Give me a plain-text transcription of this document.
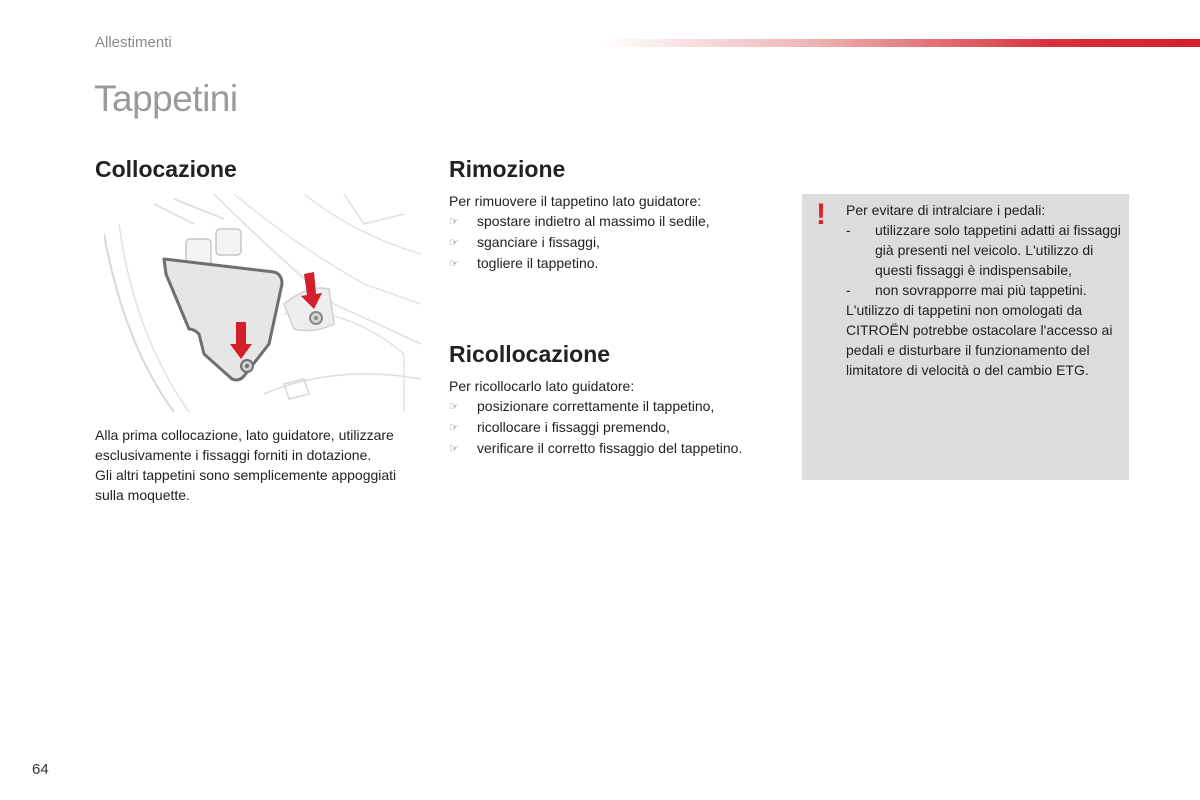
Allestimenti
Tappetini
Collocazione
Alla prima collocazione, lato guidatore, utilizzare esclusivamente i fissaggi forniti in dotazione.
Gli altri tappetini sono semplicemente appoggiati sulla moquette.
Rimozione
Per rimuovere il tappetino lato guidatore:
☞	spostare indietro al massimo il sedile,
☞	sganciare i fissaggi,
☞	togliere il tappetino.
Ricollocazione
Per ricollocarlo lato guidatore:
☞	posizionare correttamente il tappetino,
☞	ricollocare i fissaggi premendo,
☞	verificare il corretto fissaggio del tappetino.
! Per evitare di intralciare i pedali:
-	utilizzare solo tappetini adatti ai fissaggi già presenti nel veicolo. L'utilizzo di questi fissaggi è indispensabile,
-	non sovrapporre mai più tappetini.
L'utilizzo di tappetini non omologati da CITROËN potrebbe ostacolare l'accesso ai pedali e disturbare il funzionamento del limitatore di velocità o del cambio ETG.
64
